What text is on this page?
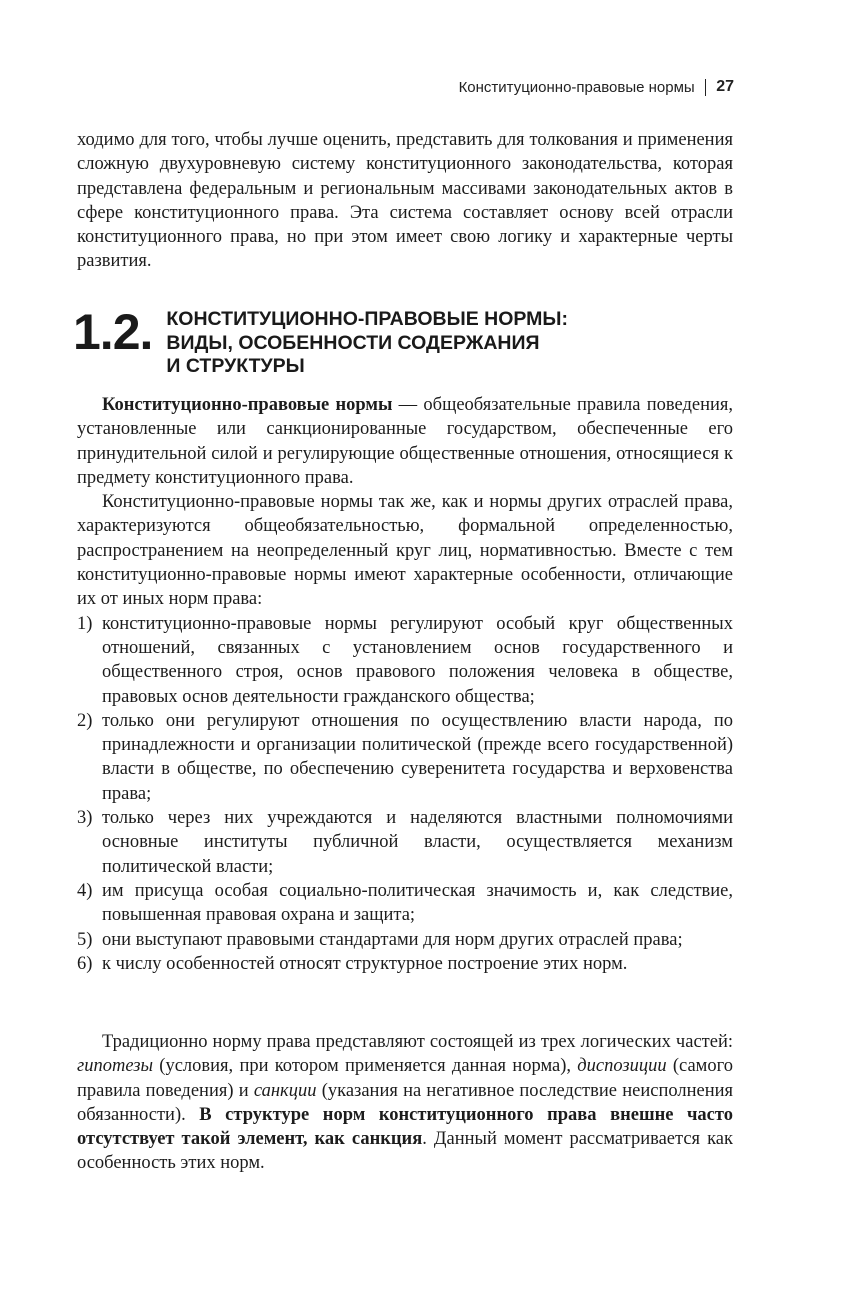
Конституционно-правовые нормы 27

ходимо для того, чтобы лучше оценить, представить для толкования и применения сложную двухуровневую систему конституционного законодательства, которая представлена федеральным и региональным массивами законодательных актов в сфере конституционного права. Эта система составляет основу всей отрасли конституционного права, но при этом имеет свою логику и характерные черты развития.

1.2. КОНСТИТУЦИОННО-ПРАВОВЫЕ НОРМЫ:
ВИДЫ, ОСОБЕННОСТИ СОДЕРЖАНИЯ
И СТРУКТУРЫ

Конституционно-правовые нормы — общеобязательные правила поведения, установленные или санкционированные государством, обеспеченные его принудительной силой и регулирующие общественные отношения, относящиеся к предмету конституционного права.

Конституционно-правовые нормы так же, как и нормы других отраслей права, характеризуются общеобязательностью, формальной определенностью, распространением на неопределенный круг лиц, нормативностью. Вместе с тем конституционно-правовые нормы имеют характерные особенности, отличающие их от иных норм права:

1) конституционно-правовые нормы регулируют особый круг общественных отношений, связанных с установлением основ государственного и общественного строя, основ правового положения человека в обществе, правовых основ деятельности гражданского общества;
2) только они регулируют отношения по осуществлению власти народа, по принадлежности и организации политической (прежде всего государственной) власти в обществе, по обеспечению суверенитета государства и верховенства права;
3) только через них учреждаются и наделяются властными полномочиями основные институты публичной власти, осуществляется механизм политической власти;
4) им присуща особая социально-политическая значимость и, как следствие, повышенная правовая охрана и защита;
5) они выступают правовыми стандартами для норм других отраслей права;
6) к числу особенностей относят структурное построение этих норм.

Традиционно норму права представляют состоящей из трех логических частей: гипотезы (условия, при котором применяется данная норма), диспозиции (самого правила поведения) и санкции (указания на негативное последствие неисполнения обязанности). В структуре норм конституционного права внешне часто отсутствует такой элемент, как санкция. Данный момент рассматривается как особенность этих норм.
